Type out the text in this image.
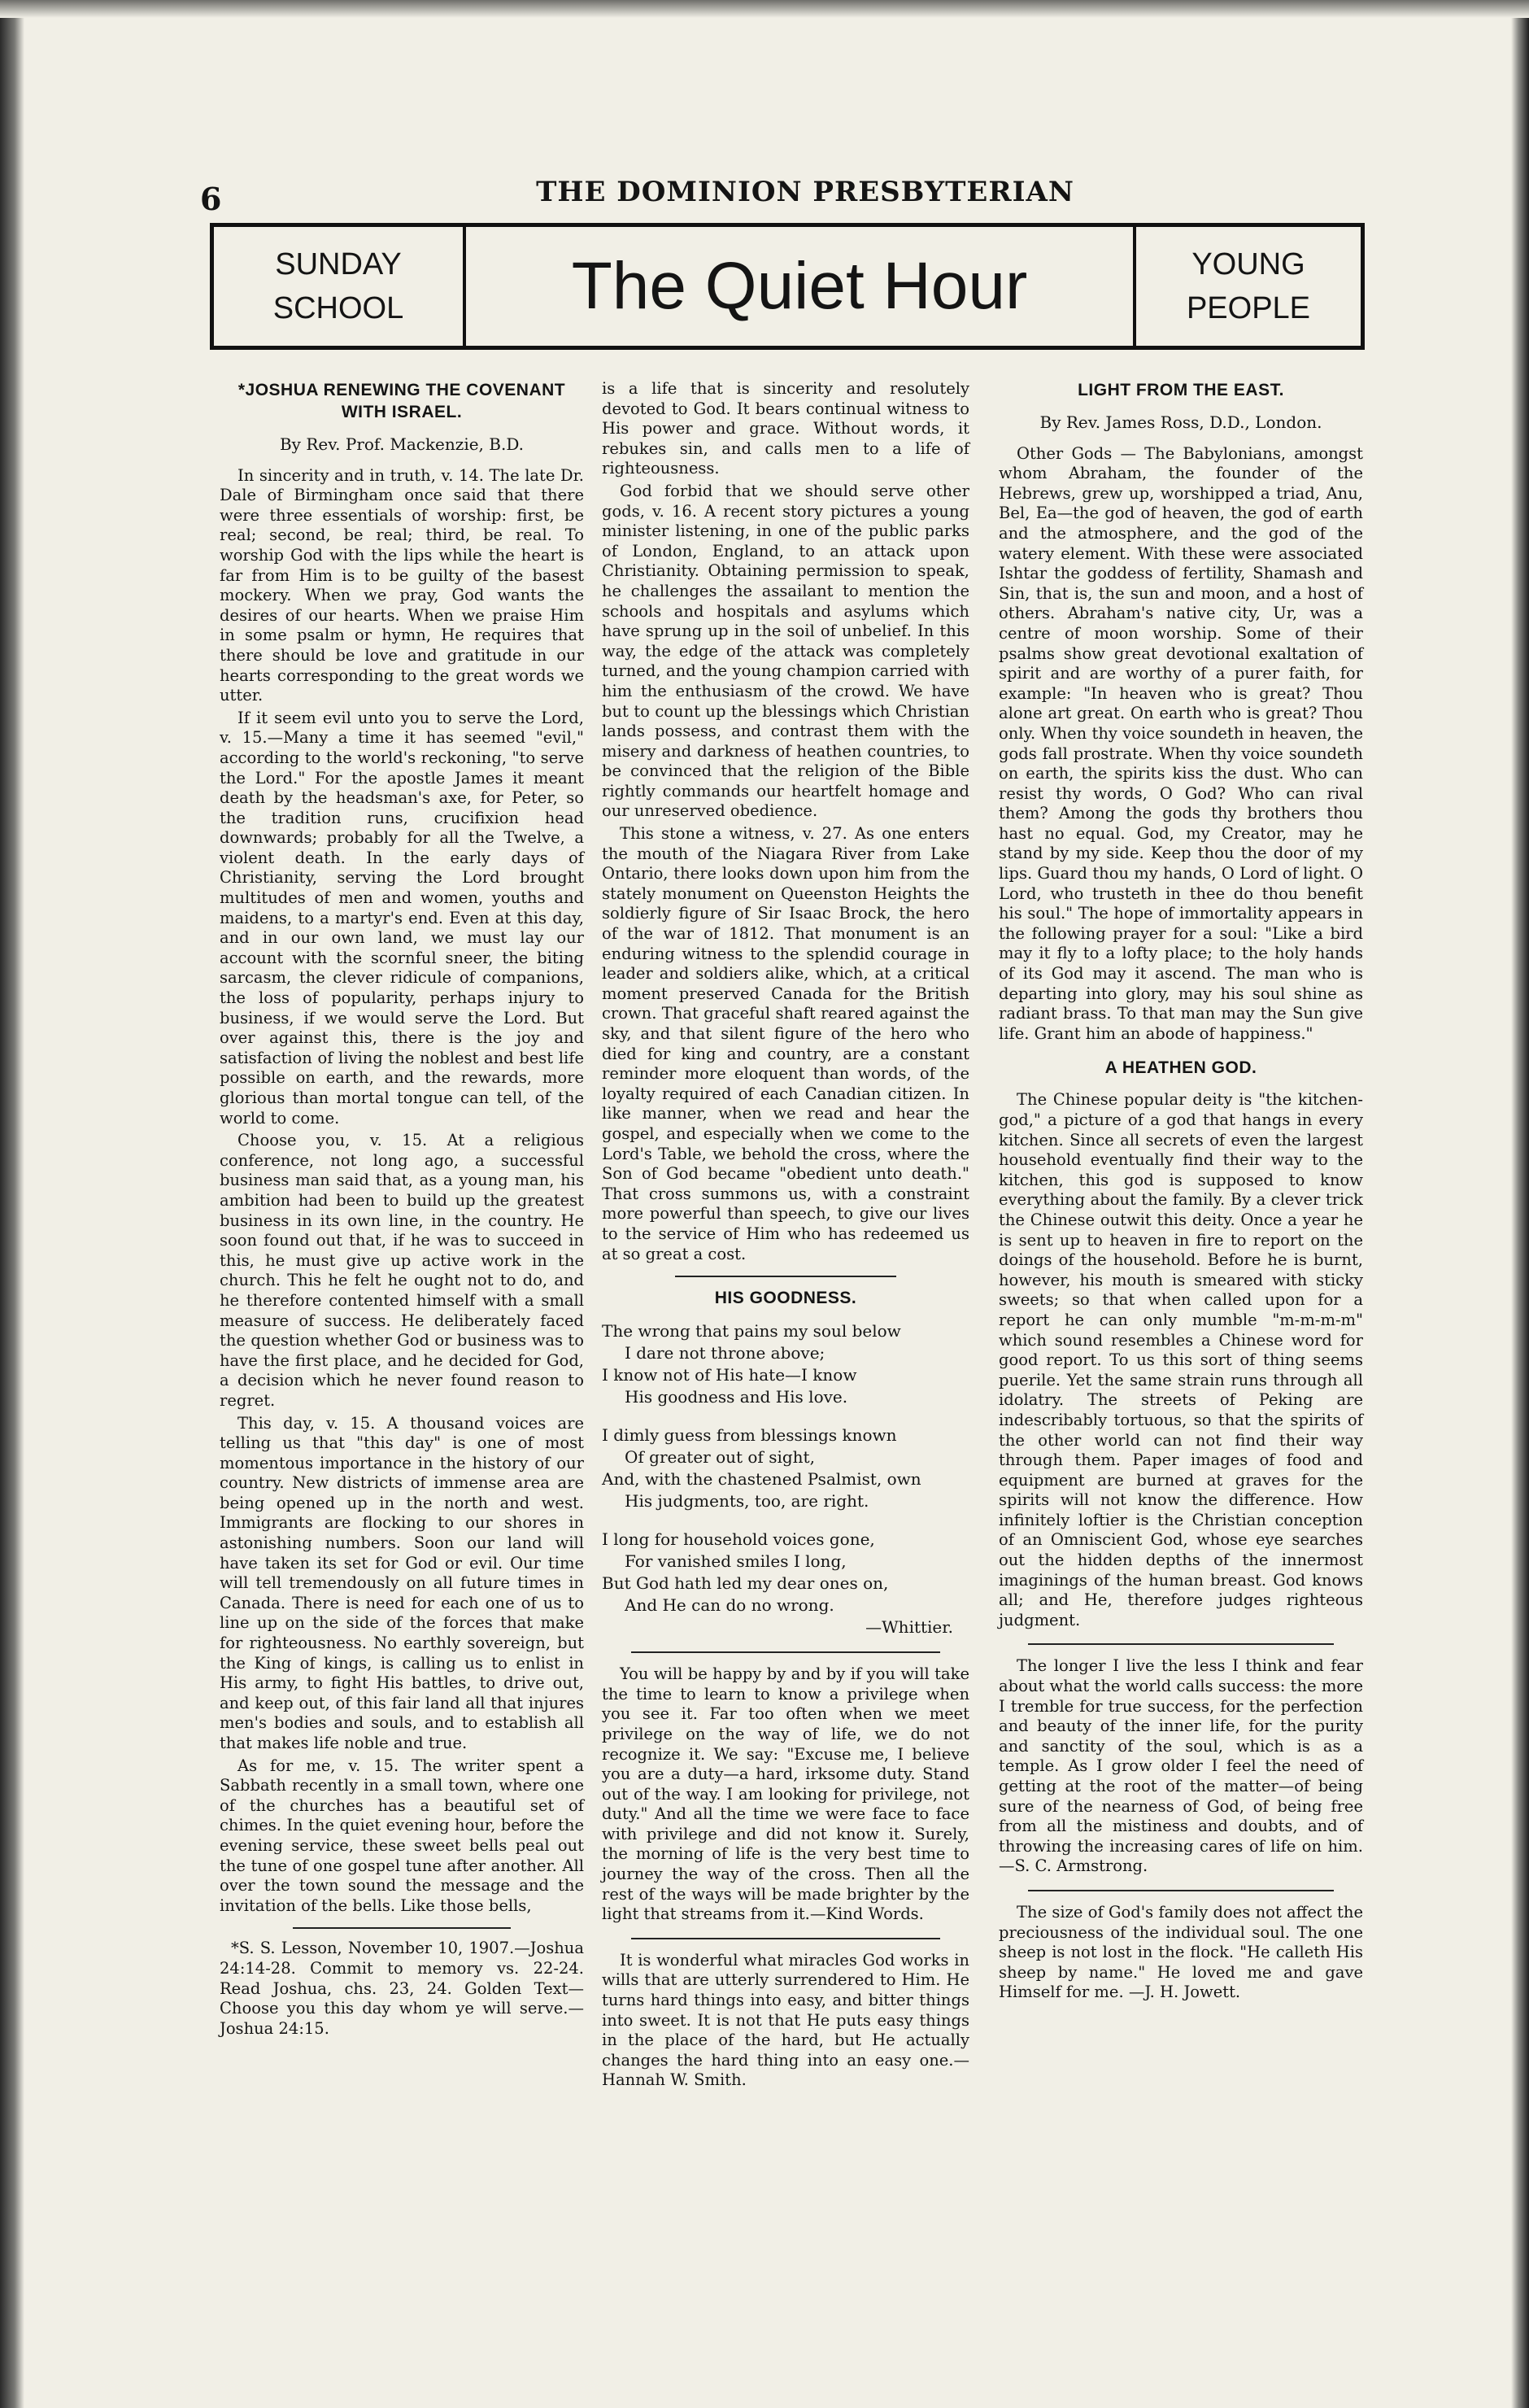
6	THE DOMINION PRESBYTERIAN
SUNDAY
SCHOOL	The Quiet Hour	YOUNG
PEOPLE
*JOSHUA RENEWING THE COVENANT WITH ISRAEL.
By Rev. Prof. Mackenzie, B.D.

In sincerity and in truth, v. 14. The late Dr. Dale of Birmingham once said that there were three essentials of worship: first, be real; second, be real; third, be real. To worship God with the lips while the heart is far from Him is to be guilty of the basest mockery. When we pray, God wants the desires of our hearts. When we praise Him in some psalm or hymn, He requires that there should be love and gratitude in our hearts corresponding to the great words we utter.

If it seem evil unto you to serve the Lord, v. 15.—Many a time it has seemed "evil," according to the world's reckoning, "to serve the Lord." For the apostle James it meant death by the headsman's axe, for Peter, so the tradition runs, crucifixion head downwards; probably for all the Twelve, a violent death. In the early days of Christianity, serving the Lord brought multitudes of men and women, youths and maidens, to a martyr's end. Even at this day, and in our own land, we must lay our account with the scornful sneer, the biting sarcasm, the clever ridicule of companions, the loss of popularity, perhaps injury to business, if we would serve the Lord. But over against this, there is the joy and satisfaction of living the noblest and best life possible on earth, and the rewards, more glorious than mortal tongue can tell, of the world to come.

Choose you, v. 15. At a religious conference, not long ago, a successful business man said that, as a young man, his ambition had been to build up the greatest business in its own line, in the country. He soon found out that, if he was to succeed in this, he must give up active work in the church. This he felt he ought not to do, and he therefore contented himself with a small measure of success. He deliberately faced the question whether God or business was to have the first place, and he decided for God, a decision which he never found reason to regret.

This day, v. 15. A thousand voices are telling us that "this day" is one of most momentous importance in the history of our country. New districts of immense area are being opened up in the north and west. Immigrants are flocking to our shores in astonishing numbers. Soon our land will have taken its set for God or evil. Our time will tell tremendously on all future times in Canada. There is need for each one of us to line up on the side of the forces that make for righteousness. No earthly sovereign, but the King of kings, is calling us to enlist in His army, to fight His battles, to drive out, and keep out, of this fair land all that injures men's bodies and souls, and to establish all that makes life noble and true.

As for me, v. 15. The writer spent a Sabbath recently in a small town, where one of the churches has a beautiful set of chimes. In the quiet evening hour, before the evening service, these sweet bells peal out the tune of one gospel tune after another. All over the town sound the message and the invitation of the bells. Like those bells,

*S. S. Lesson, November 10, 1907.—Joshua 24:14-28. Commit to memory vs. 22-24. Read Joshua, chs. 23, 24. Golden Text—Choose you this day whom ye will serve.—Joshua 24:15.

is a life that is sincerity and resolutely devoted to God. It bears continual witness to His power and grace. Without words, it rebukes sin, and calls men to a life of righteousness.

God forbid that we should serve other gods, v. 16. A recent story pictures a young minister listening, in one of the public parks of London, England, to an attack upon Christianity. Obtaining permission to speak, he challenges the assailant to mention the schools and hospitals and asylums which have sprung up in the soil of unbelief. In this way, the edge of the attack was completely turned, and the young champion carried with him the enthusiasm of the crowd. We have but to count up the blessings which Christian lands possess, and contrast them with the misery and darkness of heathen countries, to be convinced that the religion of the Bible rightly commands our heartfelt homage and our unreserved obedience.

This stone a witness, v. 27. As one enters the mouth of the Niagara River from Lake Ontario, there looks down upon him from the stately monument on Queenston Heights the soldierly figure of Sir Isaac Brock, the hero of the war of 1812. That monument is an enduring witness to the splendid courage in leader and soldiers alike, which, at a critical moment preserved Canada for the British crown. That graceful shaft reared against the sky, and that silent figure of the hero who died for king and country, are a constant reminder more eloquent than words, of the loyalty required of each Canadian citizen. In like manner, when we read and hear the gospel, and especially when we come to the Lord's Table, we behold the cross, where the Son of God became "obedient unto death." That cross summons us, with a constraint more powerful than speech, to give our lives to the service of Him who has redeemed us at so great a cost.

HIS GOODNESS.
The wrong that pains my soul below
I dare not throne above;
I know not of His hate—I know
His goodness and His love.
I dimly guess from blessings known
Of greater out of sight,
And, with the chastened Psalmist, own
His judgments, too, are right.
I long for household voices gone,
For vanished smiles I long,
But God hath led my dear ones on,
And He can do no wrong.
—Whittier.

You will be happy by and by if you will take the time to learn to know a privilege when you see it. Far too often when we meet privilege on the way of life, we do not recognize it. We say: "Excuse me, I believe you are a duty—a hard, irksome duty. Stand out of the way. I am looking for privilege, not duty." And all the time we were face to face with privilege and did not know it. Surely, the morning of life is the very best time to journey the way of the cross. Then all the rest of the ways will be made brighter by the light that streams from it.—Kind Words.

It is wonderful what miracles God works in wills that are utterly surrendered to Him. He turns hard things into easy, and bitter things into sweet. It is not that He puts easy things in the place of the hard, but He actually changes the hard thing into an easy one.—Hannah W. Smith.

LIGHT FROM THE EAST.
By Rev. James Ross, D.D., London.

Other Gods — The Babylonians, amongst whom Abraham, the founder of the Hebrews, grew up, worshipped a triad, Anu, Bel, Ea—the god of heaven, the god of earth and the atmosphere, and the god of the watery element. With these were associated Ishtar the goddess of fertility, Shamash and Sin, that is, the sun and moon, and a host of others. Abraham's native city, Ur, was a centre of moon worship. Some of their psalms show great devotional exaltation of spirit and are worthy of a purer faith, for example: "In heaven who is great? Thou alone art great. On earth who is great? Thou only. When thy voice soundeth in heaven, the gods fall prostrate. When thy voice soundeth on earth, the spirits kiss the dust. Who can resist thy words, O God? Who can rival them? Among the gods thy brothers thou hast no equal. God, my Creator, may he stand by my side. Keep thou the door of my lips. Guard thou my hands, O Lord of light. O Lord, who trusteth in thee do thou benefit his soul." The hope of immortality appears in the following prayer for a soul: "Like a bird may it fly to a lofty place; to the holy hands of its God may it ascend. The man who is departing into glory, may his soul shine as radiant brass. To that man may the Sun give life. Grant him an abode of happiness."

A HEATHEN GOD.

The Chinese popular deity is "the kitchen-god," a picture of a god that hangs in every kitchen. Since all secrets of even the largest household eventually find their way to the kitchen, this god is supposed to know everything about the family. By a clever trick the Chinese outwit this deity. Once a year he is sent up to heaven in fire to report on the doings of the household. Before he is burnt, however, his mouth is smeared with sticky sweets; so that when called upon for a report he can only mumble "m-m-m-m" which sound resembles a Chinese word for good report. To us this sort of thing seems puerile. Yet the same strain runs through all idolatry. The streets of Peking are indescribably tortuous, so that the spirits of the other world can not find their way through them. Paper images of food and equipment are burned at graves for the spirits will not know the difference. How infinitely loftier is the Christian conception of an Omniscient God, whose eye searches out the hidden depths of the innermost imaginings of the human breast. God knows all; and He, therefore judges righteous judgment.

The longer I live the less I think and fear about what the world calls success: the more I tremble for true success, for the perfection and beauty of the inner life, for the purity and sanctity of the soul, which is as a temple. As I grow older I feel the need of getting at the root of the matter—of being sure of the nearness of God, of being free from all the mistiness and doubts, and of throwing the increasing cares of life on him.—S. C. Armstrong.

The size of God's family does not affect the preciousness of the individual soul. The one sheep is not lost in the flock. "He calleth His sheep by name." He loved me and gave Himself for me. —J. H. Jowett.
